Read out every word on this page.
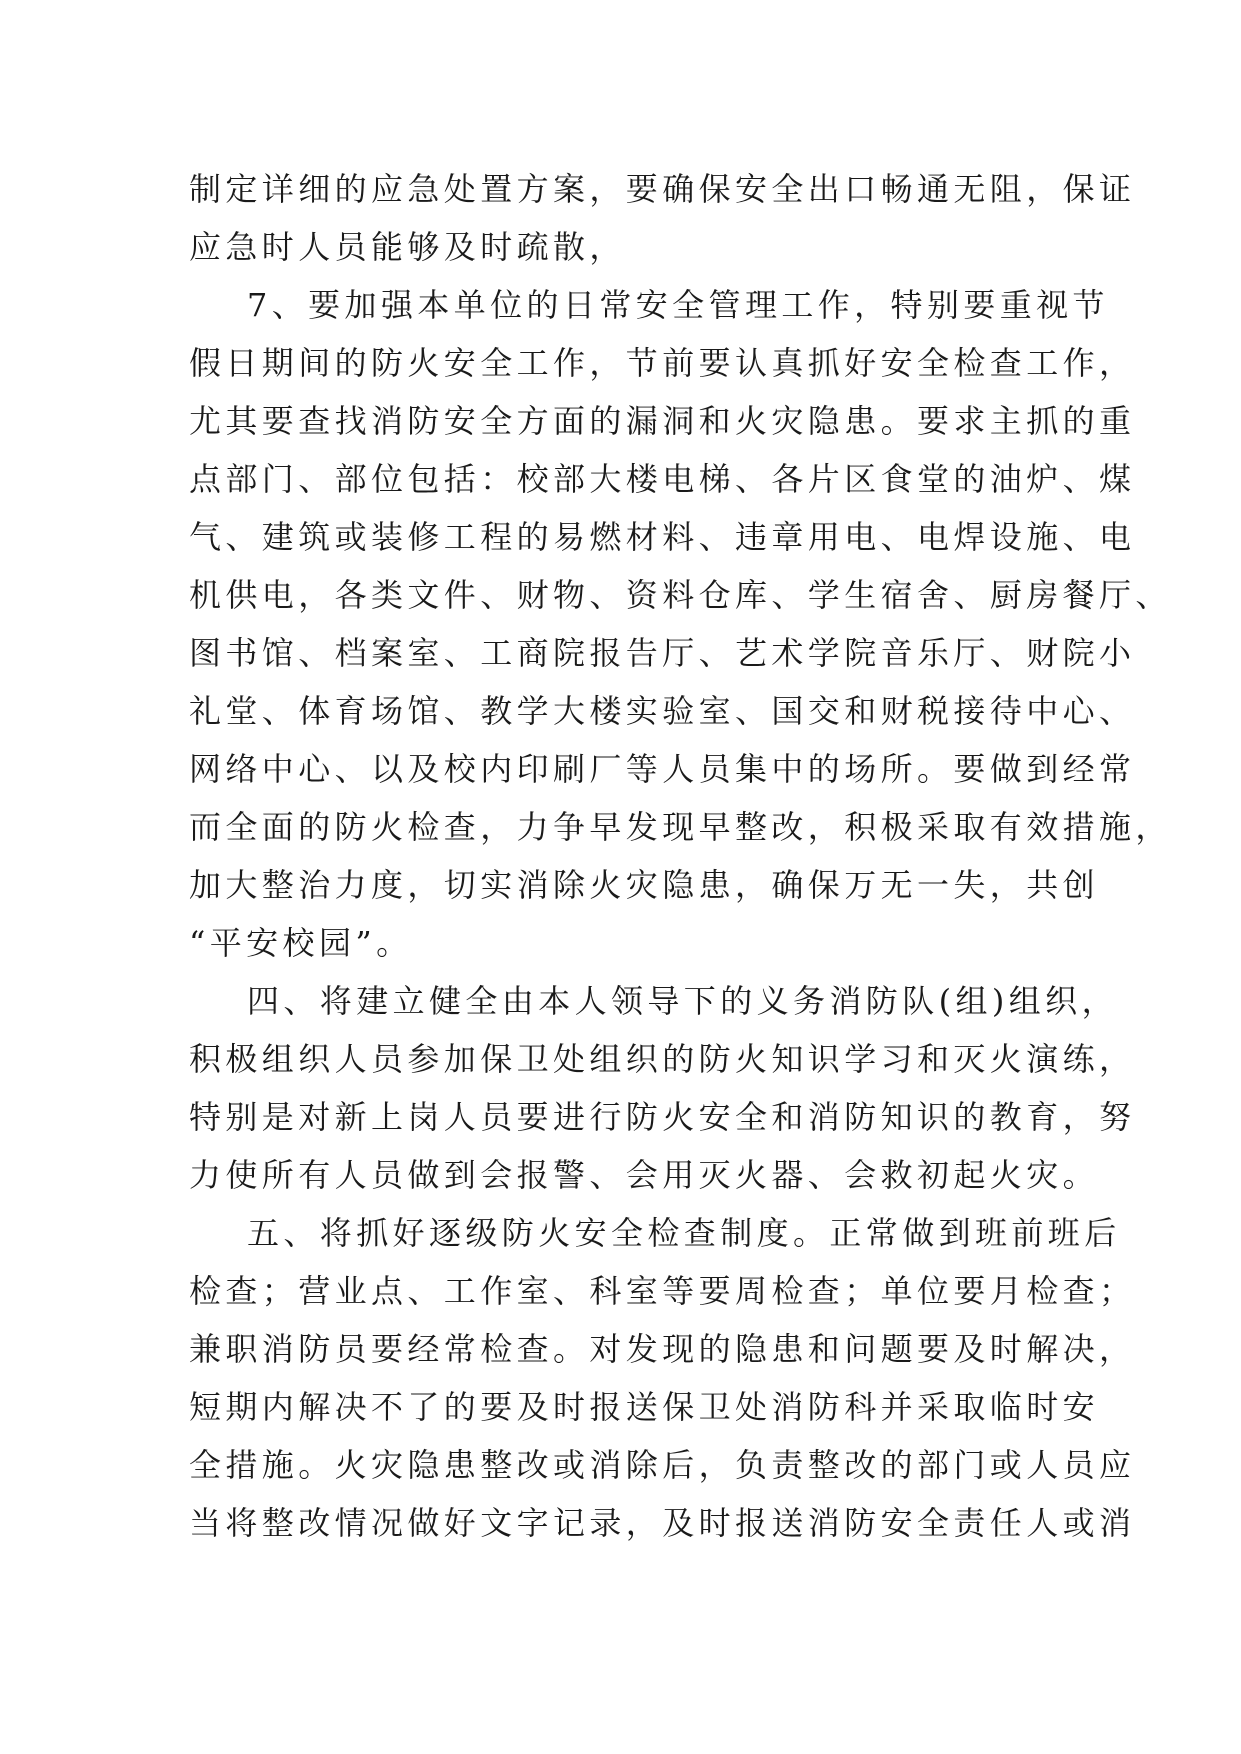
制定详细的应急处置方案，要确保安全出口畅通无阻，保证
应急时人员能够及时疏散，
7、要加强本单位的日常安全管理工作，特别要重视节
假日期间的防火安全工作，节前要认真抓好安全检查工作，
尤其要查找消防安全方面的漏洞和火灾隐患。要求主抓的重
点部门、部位包括：校部大楼电梯、各片区食堂的油炉、煤
气、建筑或装修工程的易燃材料、违章用电、电焊设施、电
机供电，各类文件、财物、资料仓库、学生宿舍、厨房餐厅、
图书馆、档案室、工商院报告厅、艺术学院音乐厅、财院小
礼堂、体育场馆、教学大楼实验室、国交和财税接待中心、
网络中心、以及校内印刷厂等人员集中的场所。要做到经常
而全面的防火检查，力争早发现早整改，积极采取有效措施，
加大整治力度，切实消除火灾隐患，确保万无一失，共创
“平安校园”。
四、将建立健全由本人领导下的义务消防队(组)组织，
积极组织人员参加保卫处组织的防火知识学习和灭火演练，
特别是对新上岗人员要进行防火安全和消防知识的教育，努
力使所有人员做到会报警、会用灭火器、会救初起火灾。
五、将抓好逐级防火安全检查制度。正常做到班前班后
检查；营业点、工作室、科室等要周检查；单位要月检查；
兼职消防员要经常检查。对发现的隐患和问题要及时解决，
短期内解决不了的要及时报送保卫处消防科并采取临时安
全措施。火灾隐患整改或消除后，负责整改的部门或人员应
当将整改情况做好文字记录，及时报送消防安全责任人或消
